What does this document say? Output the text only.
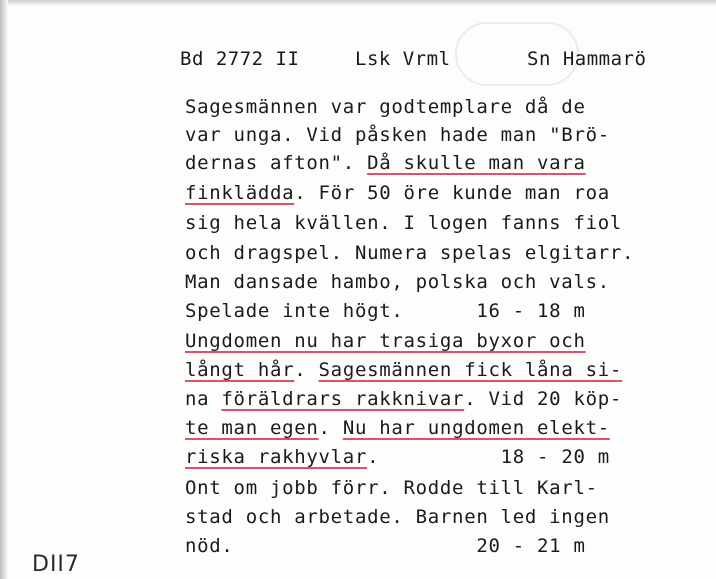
Bd 2772 II	Lsk Vrml	Sn Hammarö
Sagesmännen var godtemplare då de
var unga. Vid påsken hade man "Brö-
dernas afton". Då skulle man vara
finklädda. För 50 öre kunde man roa
sig hela kvällen. I logen fanns fiol
och dragspel. Numera spelas elgitarr.
Man dansade hambo, polska och vals.
Spelade inte högt.      16 - 18 m
Ungdomen nu har trasiga byxor och
långt hår. Sagesmännen fick låna si-
na föräldrars rakknivar. Vid 20 köp-
te man egen. Nu har ungdomen elekt-
riska rakhyvlar.          18 - 20 m
Ont om jobb förr. Rodde till Karl-
stad och arbetade. Barnen led ingen
nöd.                    20 - 21 m
DII7
